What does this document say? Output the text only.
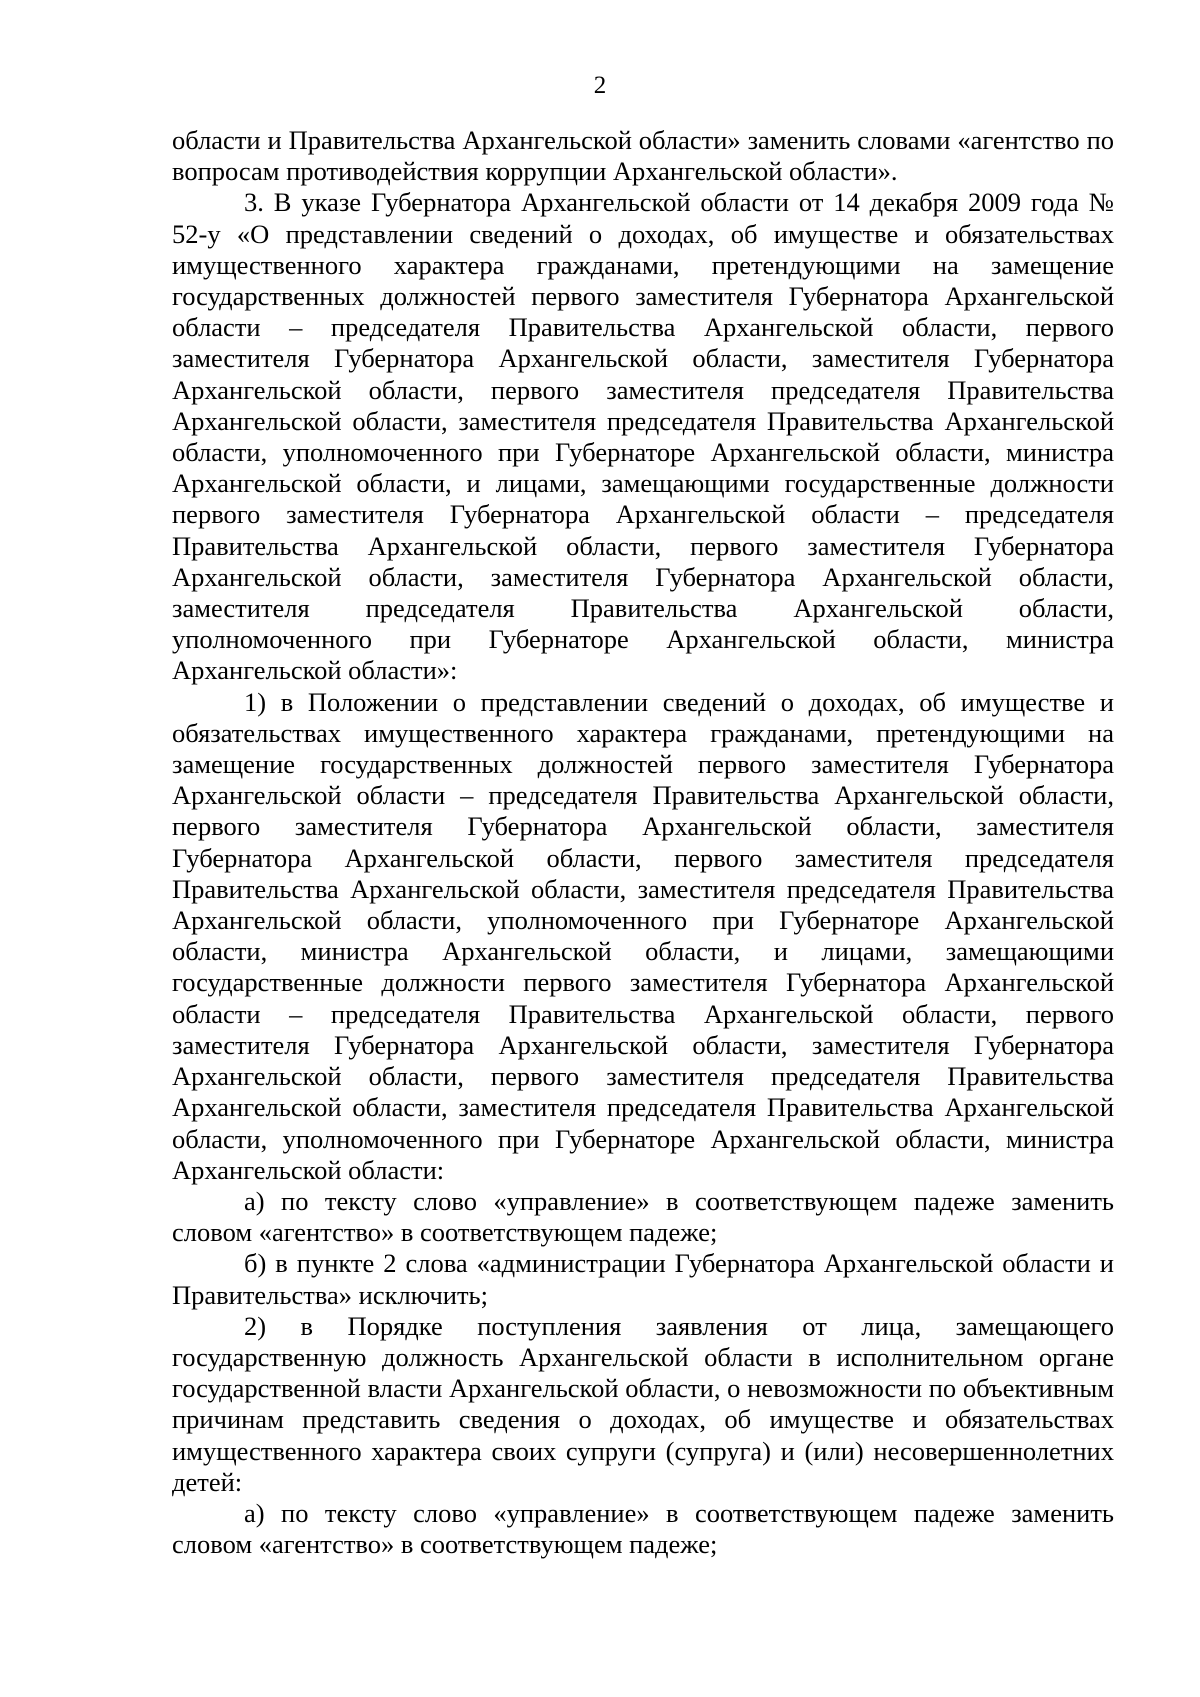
2

области и Правительства Архангельской области» заменить словами «агентство по вопросам противодействия коррупции Архангельской области».

3. В указе Губернатора Архангельской области от 14 декабря 2009 года № 52-у «О представлении сведений о доходах, об имуществе и обязательствах имущественного характера гражданами, претендующими на замещение государственных должностей первого заместителя Губернатора Архангельской области – председателя Правительства Архангельской области, первого заместителя Губернатора Архангельской области, заместителя Губернатора Архангельской области, первого заместителя председателя Правительства Архангельской области, заместителя председателя Правительства Архангельской области, уполномоченного при Губернаторе Архангельской области, министра Архангельской области, и лицами, замещающими государственные должности первого заместителя Губернатора Архангельской области – председателя Правительства Архангельской области, первого заместителя Губернатора Архангельской области, заместителя Губернатора Архангельской области, заместителя председателя Правительства Архангельской области, уполномоченного при Губернаторе Архангельской области, министра Архангельской области»:

1) в Положении о представлении сведений о доходах, об имуществе и обязательствах имущественного характера гражданами, претендующими на замещение государственных должностей первого заместителя Губернатора Архангельской области – председателя Правительства Архангельской области, первого заместителя Губернатора Архангельской области, заместителя Губернатора Архангельской области, первого заместителя председателя Правительства Архангельской области, заместителя председателя Правительства Архангельской области, уполномоченного при Губернаторе Архангельской области, министра Архангельской области, и лицами, замещающими государственные должности первого заместителя Губернатора Архангельской области – председателя Правительства Архангельской области, первого заместителя Губернатора Архангельской области, заместителя Губернатора Архангельской области, первого заместителя председателя Правительства Архангельской области, заместителя председателя Правительства Архангельской области, уполномоченного при Губернаторе Архангельской области, министра Архангельской области:

а) по тексту слово «управление» в соответствующем падеже заменить словом «агентство» в соответствующем падеже;

б) в пункте 2 слова «администрации Губернатора Архангельской области и Правительства» исключить;

2) в Порядке поступления заявления от лица, замещающего государственную должность Архангельской области в исполнительном органе государственной власти Архангельской области, о невозможности по объективным причинам представить сведения о доходах, об имуществе и обязательствах имущественного характера своих супруги (супруга) и (или) несовершеннолетних детей:

а) по тексту слово «управление» в соответствующем падеже заменить словом «агентство» в соответствующем падеже;
